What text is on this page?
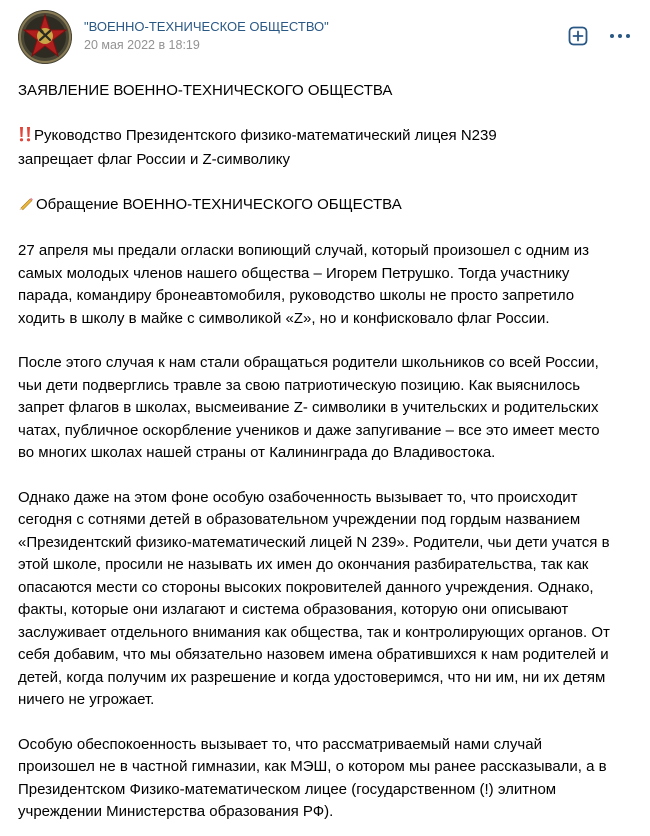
"ВОЕННО-ТЕХНИЧЕСКОЕ ОБЩЕСТВО"
20 мая 2022 в 18:19

ЗАЯВЛЕНИЕ ВОЕННО-ТЕХНИЧЕСКОГО ОБЩЕСТВА

Руководство Президентского физико-математический лицея N239
запрещает флаг России и Z-символику

Обращение ВОЕННО-ТЕХНИЧЕСКОГО ОБЩЕСТВА

27 апреля мы предали огласки вопиющий случай, который произошел с одним из
самых молодых членов нашего общества – Игорем Петрушко. Тогда участнику
парада, командиру бронеавтомобиля, руководство школы не просто запретило
ходить в школу в майке с символикой «Z», но и конфисковало флаг России.

После этого случая к нам стали обращаться родители школьников со всей России,
чьи дети подверглись травле за свою патриотическую позицию. Как выяснилось
запрет флагов в школах, высмеивание Z- символики в учительских и родительских
чатах, публичное оскорбление учеников и даже запугивание – все это имеет место
во многих школах нашей страны от Калининграда до Владивостока.

Однако даже на этом фоне особую озабоченность вызывает то, что происходит
сегодня с сотнями детей в образовательном учреждении под гордым названием
«Президентский физико-математический лицей N 239». Родители, чьи дети учатся в
этой школе, просили не называть их имен до окончания разбирательства, так как
опасаются мести со стороны высоких покровителей данного учреждения. Однако,
факты, которые они излагают и система образования, которую они описывают
заслуживает отдельного внимания как общества, так и контролирующих органов. От
себя добавим, что мы обязательно назовем имена обратившихся к нам родителей и
детей, когда получим их разрешение и когда удостоверимся, что ни им, ни их детям
ничего не угрожает.

Особую обеспокоенность вызывает то, что рассматриваемый нами случай
произошел не в частной гимназии, как МЭШ, о котором мы ранее рассказывали, а в
Президентском Физико-математическом лицее (государственном (!) элитном
учреждении Министерства образования РФ).
